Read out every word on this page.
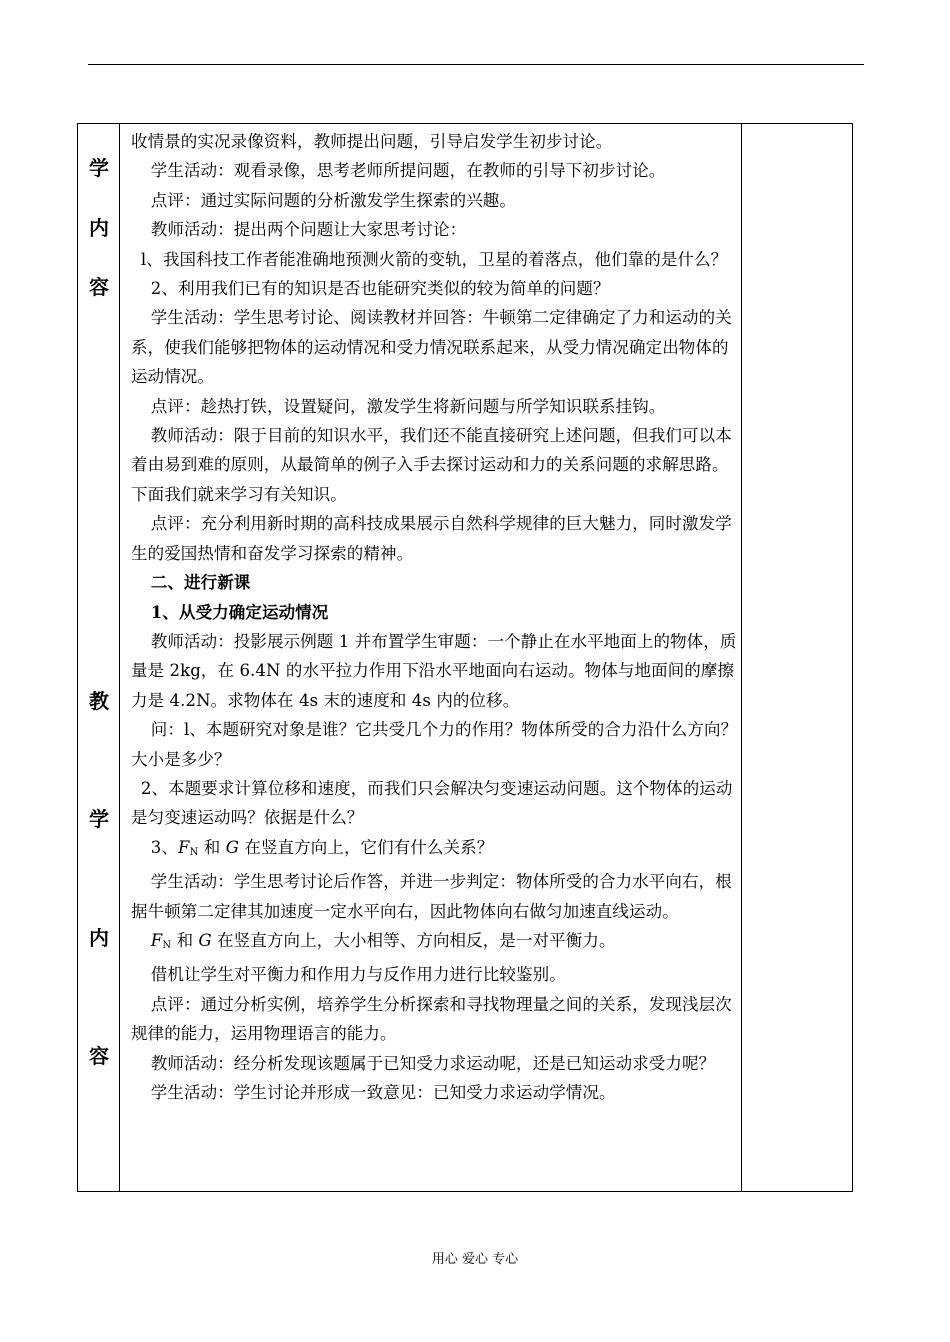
学
内
容
教
学
内
容

收情景的实况录像资料，教师提出问题，引导启发学生初步讨论。

学生活动：观看录像，思考老师所提问题，在教师的引导下初步讨论。

点评：通过实际问题的分析激发学生探索的兴趣。

教师活动：提出两个问题让大家思考讨论：

l、我国科技工作者能准确地预测火箭的变轨，卫星的着落点，他们靠的是什么？

2、利用我们已有的知识是否也能研究类似的较为简单的问题？

学生活动：学生思考讨论、阅读教材并回答：牛顿第二定律确定了力和运动的关系，使我们能够把物体的运动情况和受力情况联系起来，从受力情况确定出物体的运动情况。

点评：趁热打铁，设置疑问，激发学生将新问题与所学知识联系挂钩。

教师活动：限于目前的知识水平，我们还不能直接研究上述问题，但我们可以本着由易到难的原则，从最简单的例子入手去探讨运动和力的关系问题的求解思路。下面我们就来学习有关知识。

点评：充分利用新时期的高科技成果展示自然科学规律的巨大魅力，同时激发学生的爱国热情和奋发学习探索的精神。

二、进行新课

1、从受力确定运动情况

教师活动：投影展示例题 1 并布置学生审题：一个静止在水平地面上的物体，质量是 2kg，在 6.4N 的水平拉力作用下沿水平地面向右运动。物体与地面间的摩擦力是 4.2N。求物体在 4s 末的速度和 4s 内的位移。

问：l、本题研究对象是谁？它共受几个力的作用？物体所受的合力沿什么方向？大小是多少？

2、本题要求计算位移和速度，而我们只会解决匀变速运动问题。这个物体的运动是匀变速运动吗？依据是什么？

3、$F_N$ 和 G 在竖直方向上，它们有什么关系？

学生活动：学生思考讨论后作答，并进一步判定：物体所受的合力水平向右，根据牛顿第二定律其加速度一定水平向右，因此物体向右做匀加速直线运动。

$F_N$ 和 G 在竖直方向上，大小相等、方向相反，是一对平衡力。

借机让学生对平衡力和作用力与反作用力进行比较鉴别。

点评：通过分析实例，培养学生分析探索和寻找物理量之间的关系，发现浅层次规律的能力，运用物理语言的能力。

教师活动：经分析发现该题属于已知受力求运动呢，还是已知运动求受力呢？

学生活动：学生讨论并形成一致意见：已知受力求运动学情况。

用心 爱心 专心
